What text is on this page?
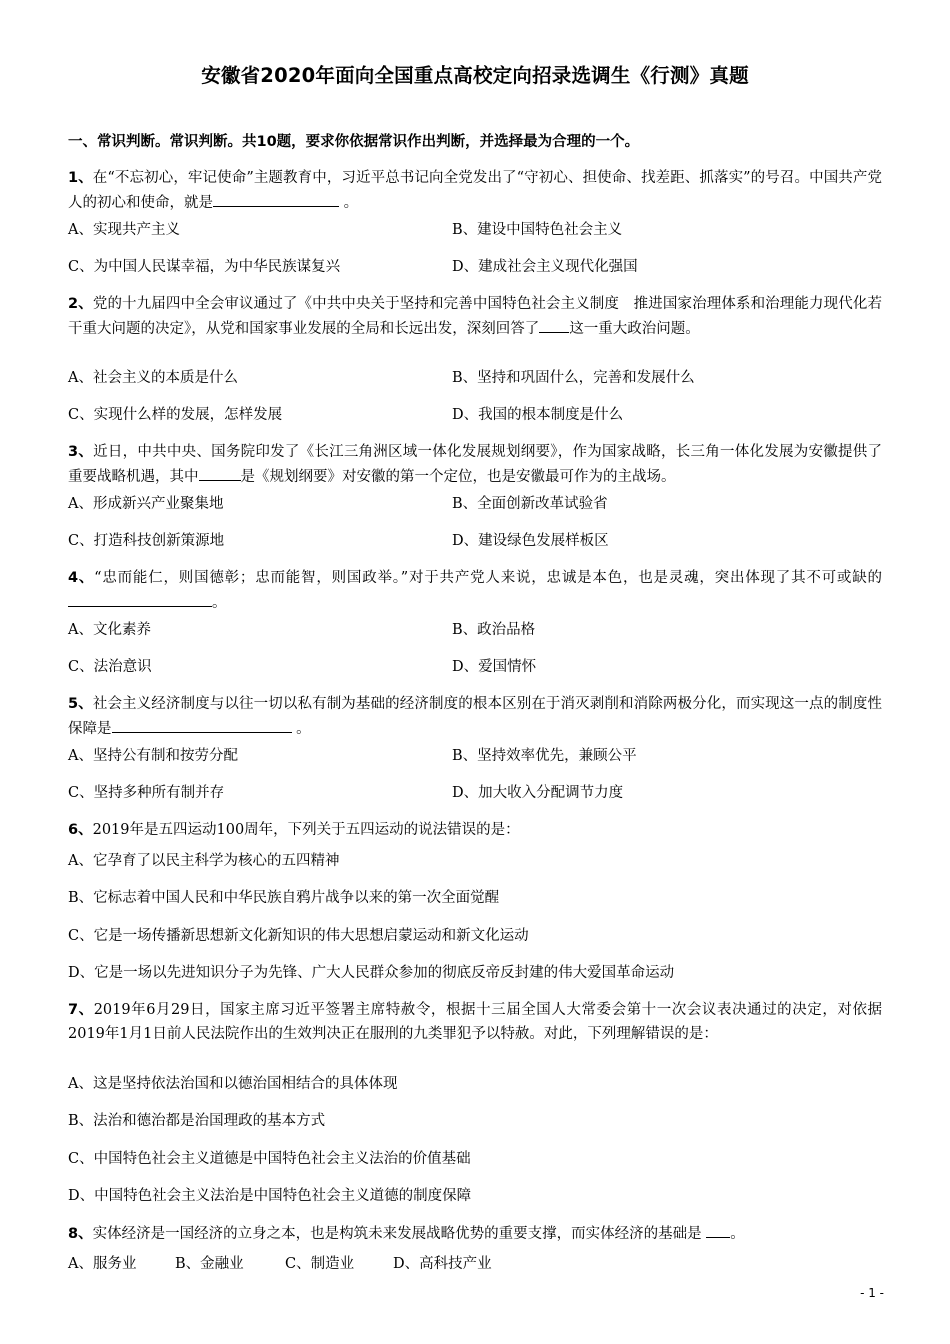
安徽省2020年面向全国重点高校定向招录选调生《行测》真题
一、常识判断。常识判断。共10题，要求你依据常识作出判断，并选择最为合理的一个。
1、在“不忘初心，牢记使命”主题教育中，习近平总书记向全党发出了“守初心、担使命、找差距、抓落实”的号召。中国共产党人的初心和使命，就是	。
A、实现共产主义	B、建设中国特色社会主义
C、为中国人民谋幸福，为中华民族谋复兴	D、建成社会主义现代化强国
2、党的十九届四中全会审议通过了《中共中央关于坚持和完善中国特色社会主义制度　推进国家治理体系和治理能力现代化若干重大问题的决定》，从党和国家事业发展的全局和长远出发，深刻回答了 这一重大政治问题。
A、社会主义的本质是什么	B、坚持和巩固什么，完善和发展什么
C、实现什么样的发展，怎样发展	D、我国的根本制度是什么
3、近日，中共中央、国务院印发了《长江三角洲区域一体化发展规划纲要》，作为国家战略，长三角一体化发展为安徽提供了重要战略机遇，其中	是《规划纲要》对安徽的第一个定位，也是安徽最可作为的主战场。
A、形成新兴产业聚集地	B、全面创新改革试验省
C、打造科技创新策源地	D、建设绿色发展样板区
4、“忠而能仁，则国德彰；忠而能智，则国政举。”对于共产党人来说，忠诚是本色，也是灵魂，突出体现了其不可或缺的。
A、文化素养	B、政治品格
C、法治意识	D、爱国情怀
5、社会主义经济制度与以往一切以私有制为基础的经济制度的根本区别在于消灭剥削和消除两极分化，而实现这一点的制度性保障是	。
A、坚持公有制和按劳分配	B、坚持效率优先，兼顾公平
C、坚持多种所有制并存	D、加大收入分配调节力度
6、2019年是五四运动100周年，下列关于五四运动的说法错误的是：
A、它孕育了以民主科学为核心的五四精神
B、它标志着中国人民和中华民族自鸦片战争以来的第一次全面觉醒
C、它是一场传播新思想新文化新知识的伟大思想启蒙运动和新文化运动
D、它是一场以先进知识分子为先锋、广大人民群众参加的彻底反帝反封建的伟大爱国革命运动
7、2019年6月29日，国家主席习近平签署主席特赦令，根据十三届全国人大常委会第十一次会议表决通过的决定，对依据2019年1月1日前人民法院作出的生效判决正在服刑的九类罪犯予以特赦。对此，下列理解错误的是：
A、这是坚持依法治国和以德治国相结合的具体体现
B、法治和德治都是治国理政的基本方式
C、中国特色社会主义道德是中国特色社会主义法治的价值基础
D、中国特色社会主义法治是中国特色社会主义道德的制度保障
8、实体经济是一国经济的立身之本，也是构筑未来发展战略优势的重要支撑，而实体经济的基础是 。
A、服务业	B、金融业	C、制造业	D、高科技产业
- 1 -
